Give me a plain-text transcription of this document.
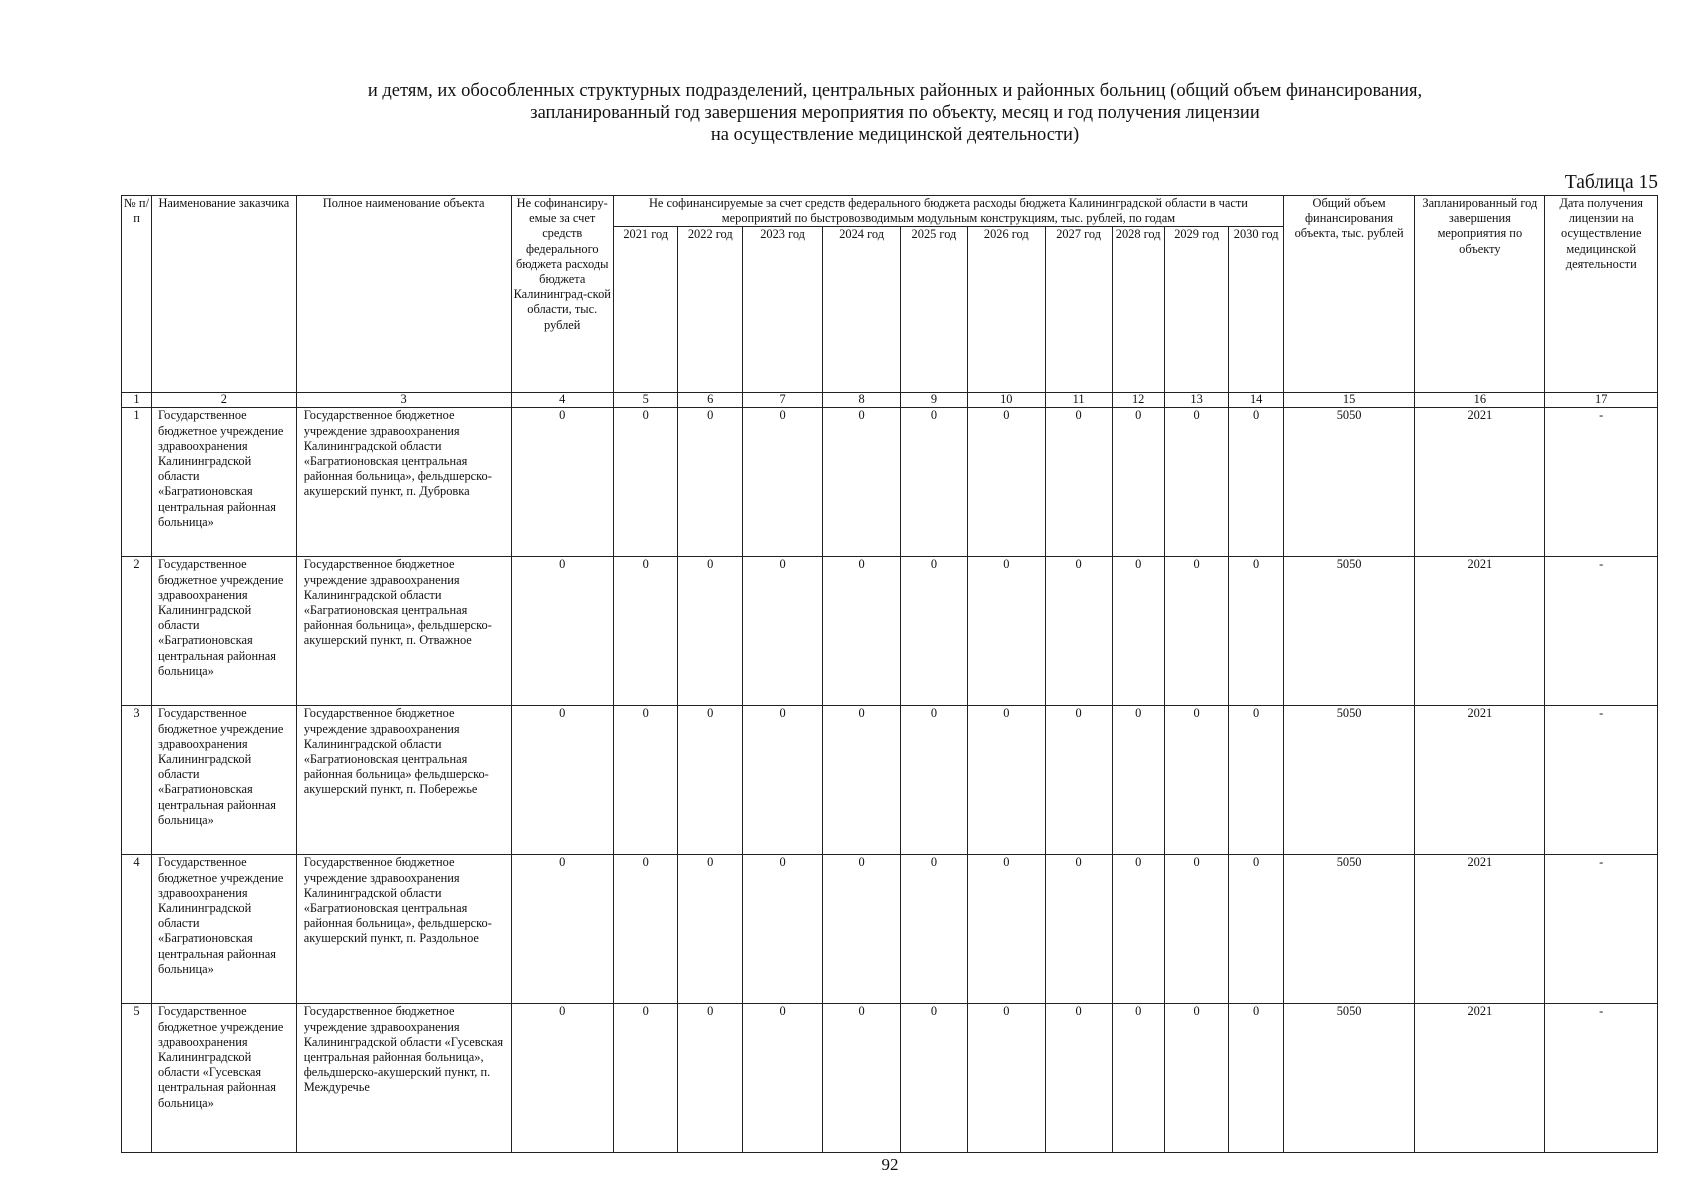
и детям, их обособленных структурных подразделений, центральных районных и районных больниц (общий объем финансирования,
запланированный год завершения мероприятия по объекту, месяц и год получения лицензии
на осуществление медицинской деятельности)
Таблица 15
№ п/п	Наименование заказчика	Полное наименование объекта	Не софинансиру-емые за счет средств федерального бюджета расходы бюджета Калининград-ской области, тыс. рублей	Не софинансируемые за счет средств федерального бюджета расходы бюджета Калининградской области в части мероприятий по быстровозводимым модульным конструкциям, тыс. рублей, по годам										Общий объем финансирования объекта, тыс. рублей	Запланированный год завершения мероприятия по объекту	Дата получения лицензии на осуществление медицинской деятельности
				2021 год	2022 год	2023 год	2024 год	2025 год	2026 год	2027 год	2028 год	2029 год	2030 год			
1	2	3	4	5	6	7	8	9	10	11	12	13	14	15	16	17
1	Государственное бюджетное учреждение здравоохранения Калининградской области «Багратионовская центральная районная больница»	Государственное бюджетное учреждение здравоохранения Калининградской области «Багратионовская центральная районная больница», фельдшерско-акушерский пункт, п. Дубровка	0	0	0	0	0	0	0	0	0	0	0	5050	2021	-
2	Государственное бюджетное учреждение здравоохранения Калининградской области «Багратионовская центральная районная больница»	Государственное бюджетное учреждение здравоохранения Калининградской области «Багратионовская центральная районная больница», фельдшерско-акушерский пункт, п. Отважное	0	0	0	0	0	0	0	0	0	0	0	5050	2021	-
3	Государственное бюджетное учреждение здравоохранения Калининградской области «Багратионовская центральная районная больница»	Государственное бюджетное учреждение здравоохранения Калининградской области «Багратионовская центральная районная больница» фельдшерско-акушерский пункт, п. Побережье	0	0	0	0	0	0	0	0	0	0	0	5050	2021	-
4	Государственное бюджетное учреждение здравоохранения Калининградской области «Багратионовская центральная районная больница»	Государственное бюджетное учреждение здравоохранения Калининградской области «Багратионовская центральная районная больница», фельдшерско-акушерский пункт, п. Раздольное	0	0	0	0	0	0	0	0	0	0	0	5050	2021	-
5	Государственное бюджетное учреждение здравоохранения Калининградской области «Гусевская центральная районная больница»	Государственное бюджетное учреждение здравоохранения Калининградской области «Гусевская центральная районная больница», фельдшерско-акушерский пункт, п. Междуречье	0	0	0	0	0	0	0	0	0	0	0	5050	2021	-
92
